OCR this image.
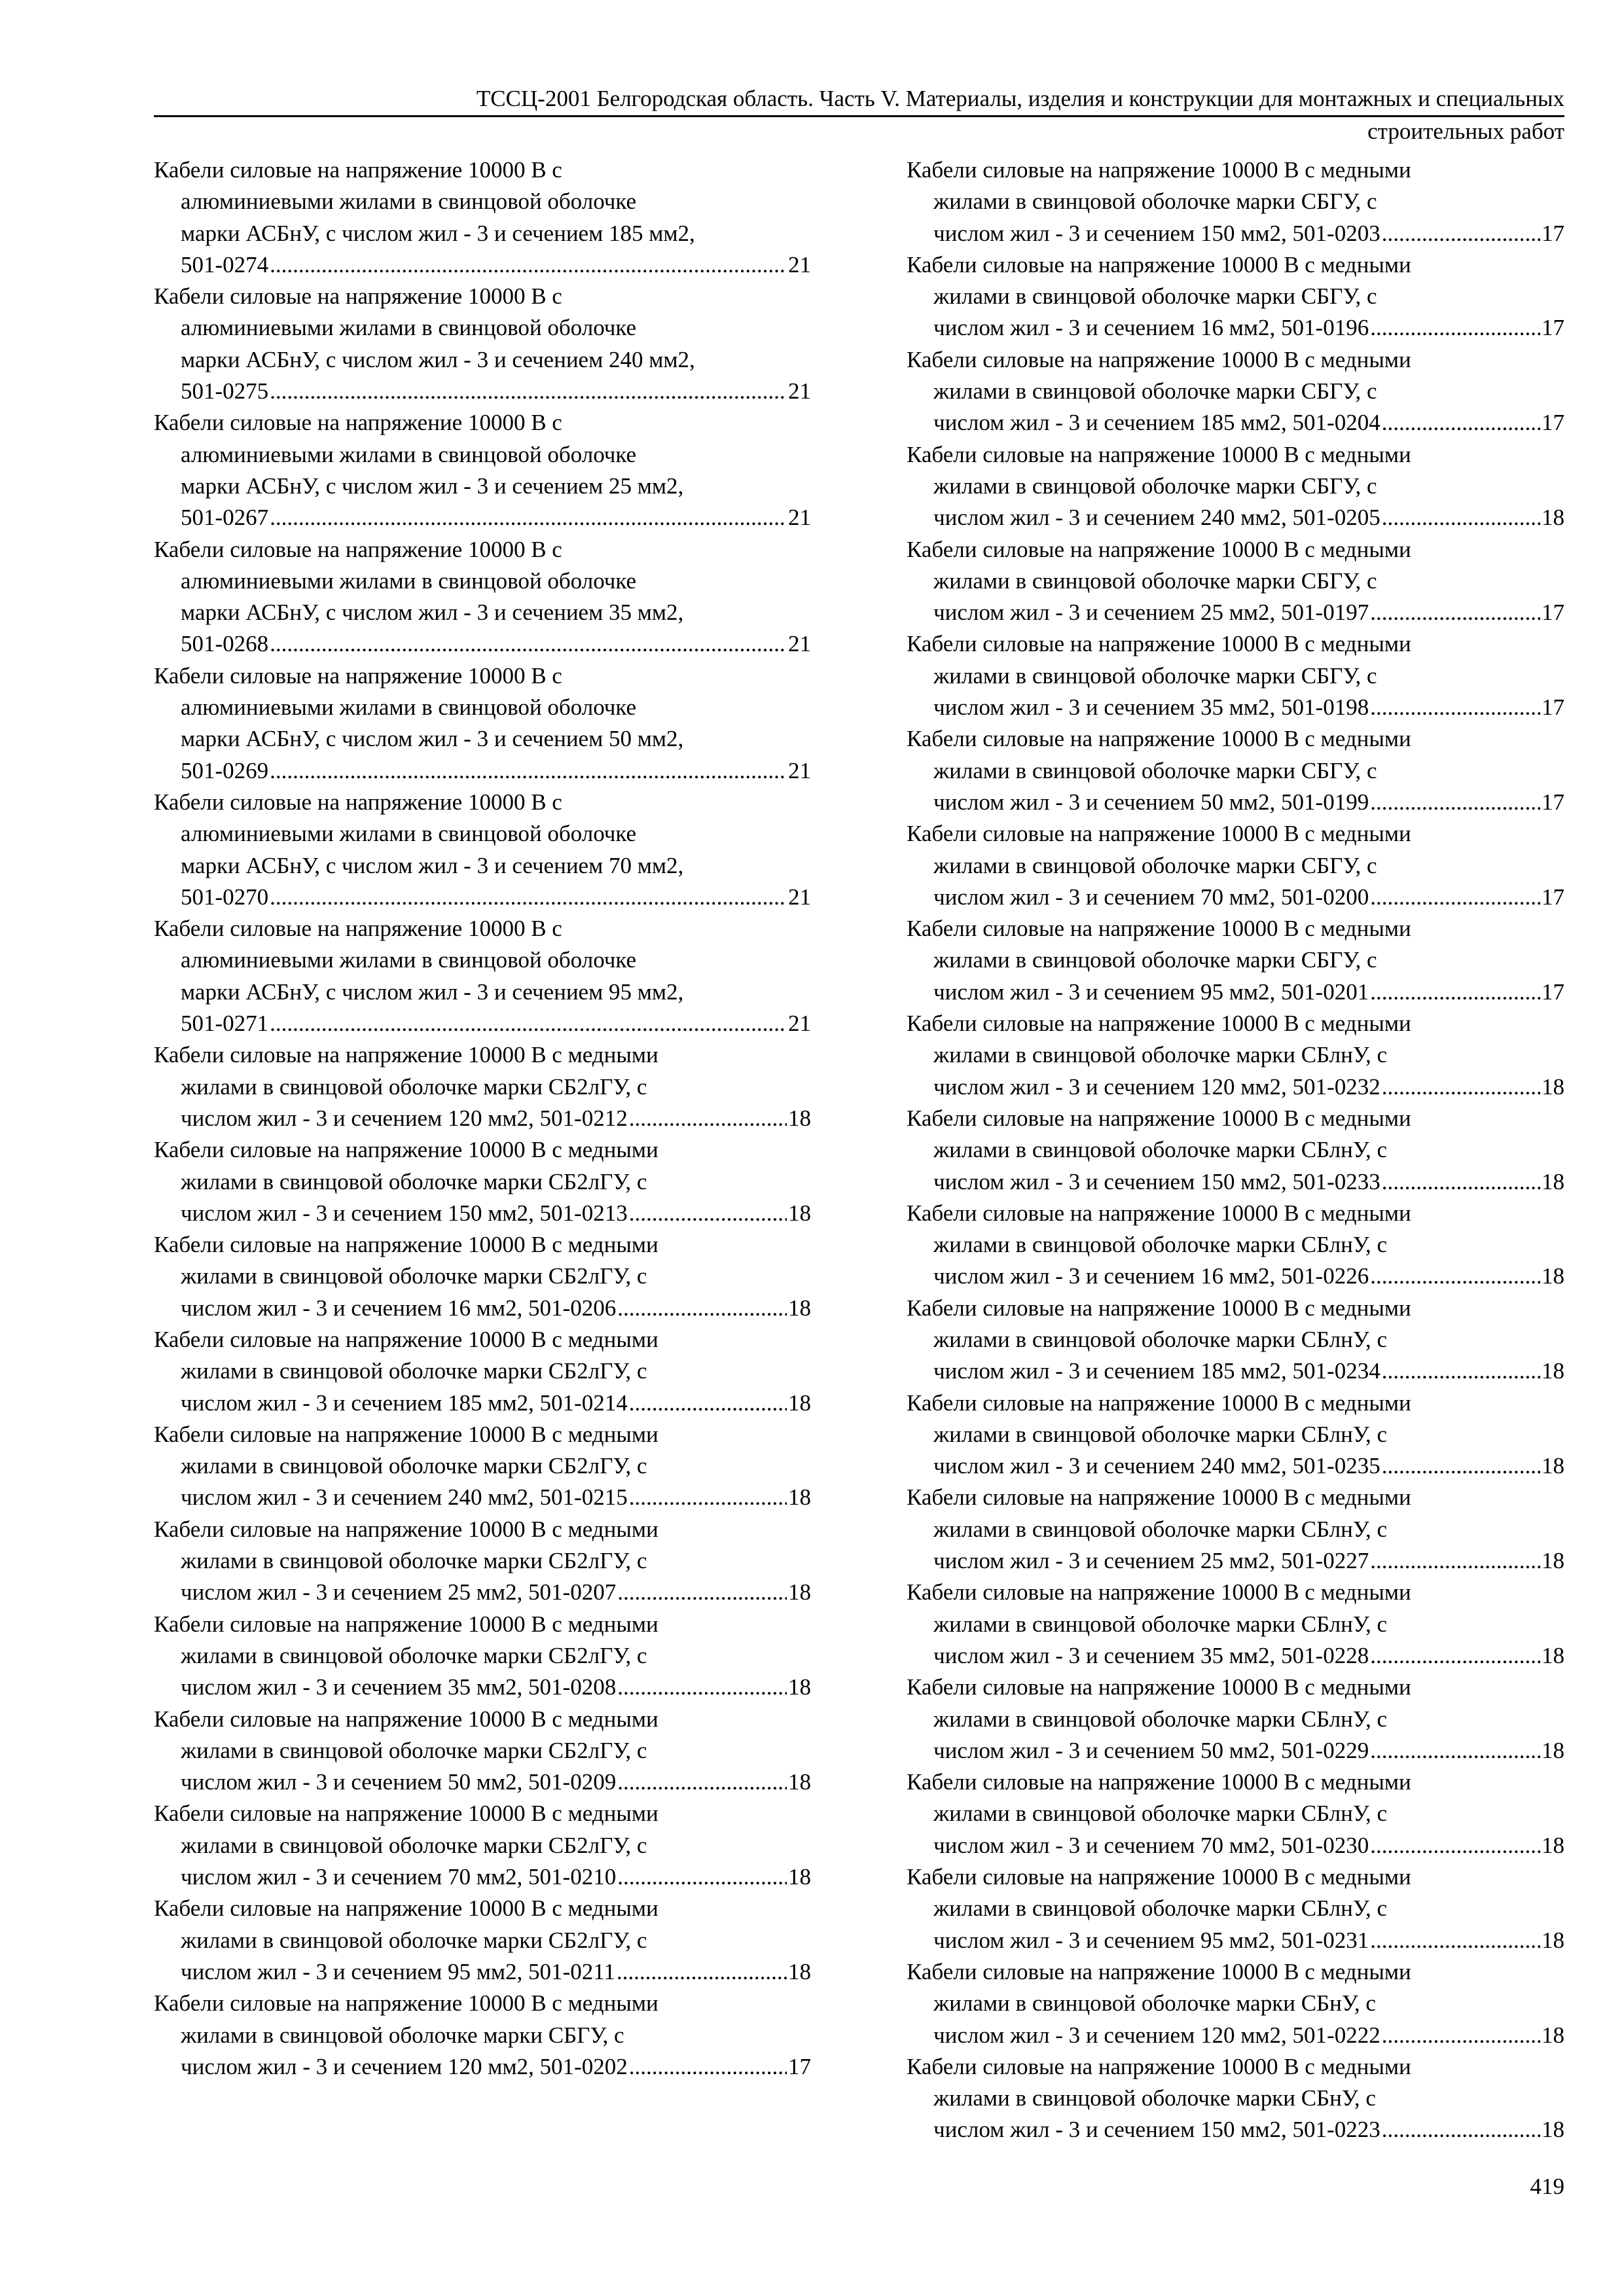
ТССЦ-2001 Белгородская область. Часть V. Материалы, изделия и конструкции для монтажных и специальных
строительных работ
Кабели силовые на напряжение 10000 В с
алюминиевыми жилами в свинцовой оболочке
марки АСБнУ, с числом жил - 3 и сечением 185 мм2,
501-0274 .....	21
Кабели силовые на напряжение 10000 В с
алюминиевыми жилами в свинцовой оболочке
марки АСБнУ, с числом жил - 3 и сечением 240 мм2,
501-0275 .....	21
Кабели силовые на напряжение 10000 В с
алюминиевыми жилами в свинцовой оболочке
марки АСБнУ, с числом жил - 3 и сечением 25 мм2,
501-0267 .....	21
Кабели силовые на напряжение 10000 В с
алюминиевыми жилами в свинцовой оболочке
марки АСБнУ, с числом жил - 3 и сечением 35 мм2,
501-0268 .....	21
Кабели силовые на напряжение 10000 В с
алюминиевыми жилами в свинцовой оболочке
марки АСБнУ, с числом жил - 3 и сечением 50 мм2,
501-0269 .....	21
Кабели силовые на напряжение 10000 В с
алюминиевыми жилами в свинцовой оболочке
марки АСБнУ, с числом жил - 3 и сечением 70 мм2,
501-0270 .....	21
Кабели силовые на напряжение 10000 В с
алюминиевыми жилами в свинцовой оболочке
марки АСБнУ, с числом жил - 3 и сечением 95 мм2,
501-0271 .....	21
Кабели силовые на напряжение 10000 В с медными
жилами в свинцовой оболочке марки СБ2лГУ, с
числом жил - 3 и сечением 120 мм2, 501-0212 .....	18
Кабели силовые на напряжение 10000 В с медными
жилами в свинцовой оболочке марки СБ2лГУ, с
числом жил - 3 и сечением 150 мм2, 501-0213 .....	18
Кабели силовые на напряжение 10000 В с медными
жилами в свинцовой оболочке марки СБ2лГУ, с
числом жил - 3 и сечением 16 мм2, 501-0206 .....	18
Кабели силовые на напряжение 10000 В с медными
жилами в свинцовой оболочке марки СБ2лГУ, с
числом жил - 3 и сечением 185 мм2, 501-0214 .....	18
Кабели силовые на напряжение 10000 В с медными
жилами в свинцовой оболочке марки СБ2лГУ, с
числом жил - 3 и сечением 240 мм2, 501-0215 .....	18
Кабели силовые на напряжение 10000 В с медными
жилами в свинцовой оболочке марки СБ2лГУ, с
числом жил - 3 и сечением 25 мм2, 501-0207 .....	18
Кабели силовые на напряжение 10000 В с медными
жилами в свинцовой оболочке марки СБ2лГУ, с
числом жил - 3 и сечением 35 мм2, 501-0208 .....	18
Кабели силовые на напряжение 10000 В с медными
жилами в свинцовой оболочке марки СБ2лГУ, с
числом жил - 3 и сечением 50 мм2, 501-0209 .....	18
Кабели силовые на напряжение 10000 В с медными
жилами в свинцовой оболочке марки СБ2лГУ, с
числом жил - 3 и сечением 70 мм2, 501-0210 .....	18
Кабели силовые на напряжение 10000 В с медными
жилами в свинцовой оболочке марки СБ2лГУ, с
числом жил - 3 и сечением 95 мм2, 501-0211 .....	18
Кабели силовые на напряжение 10000 В с медными
жилами в свинцовой оболочке марки СБГУ, с
числом жил - 3 и сечением 120 мм2, 501-0202 .....	17
Кабели силовые на напряжение 10000 В с медными
жилами в свинцовой оболочке марки СБГУ, с
числом жил - 3 и сечением 150 мм2, 501-0203 .....	17
Кабели силовые на напряжение 10000 В с медными
жилами в свинцовой оболочке марки СБГУ, с
числом жил - 3 и сечением 16 мм2, 501-0196 .....	17
Кабели силовые на напряжение 10000 В с медными
жилами в свинцовой оболочке марки СБГУ, с
числом жил - 3 и сечением 185 мм2, 501-0204 .....	17
Кабели силовые на напряжение 10000 В с медными
жилами в свинцовой оболочке марки СБГУ, с
числом жил - 3 и сечением 240 мм2, 501-0205 .....	18
Кабели силовые на напряжение 10000 В с медными
жилами в свинцовой оболочке марки СБГУ, с
числом жил - 3 и сечением 25 мм2, 501-0197 .....	17
Кабели силовые на напряжение 10000 В с медными
жилами в свинцовой оболочке марки СБГУ, с
числом жил - 3 и сечением 35 мм2, 501-0198 .....	17
Кабели силовые на напряжение 10000 В с медными
жилами в свинцовой оболочке марки СБГУ, с
числом жил - 3 и сечением 50 мм2, 501-0199 .....	17
Кабели силовые на напряжение 10000 В с медными
жилами в свинцовой оболочке марки СБГУ, с
числом жил - 3 и сечением 70 мм2, 501-0200 .....	17
Кабели силовые на напряжение 10000 В с медными
жилами в свинцовой оболочке марки СБГУ, с
числом жил - 3 и сечением 95 мм2, 501-0201 .....	17
Кабели силовые на напряжение 10000 В с медными
жилами в свинцовой оболочке марки СБлнУ, с
числом жил - 3 и сечением 120 мм2, 501-0232 .....	18
Кабели силовые на напряжение 10000 В с медными
жилами в свинцовой оболочке марки СБлнУ, с
числом жил - 3 и сечением 150 мм2, 501-0233 .....	18
Кабели силовые на напряжение 10000 В с медными
жилами в свинцовой оболочке марки СБлнУ, с
числом жил - 3 и сечением 16 мм2, 501-0226 .....	18
Кабели силовые на напряжение 10000 В с медными
жилами в свинцовой оболочке марки СБлнУ, с
числом жил - 3 и сечением 185 мм2, 501-0234 .....	18
Кабели силовые на напряжение 10000 В с медными
жилами в свинцовой оболочке марки СБлнУ, с
числом жил - 3 и сечением 240 мм2, 501-0235 .....	18
Кабели силовые на напряжение 10000 В с медными
жилами в свинцовой оболочке марки СБлнУ, с
числом жил - 3 и сечением 25 мм2, 501-0227 .....	18
Кабели силовые на напряжение 10000 В с медными
жилами в свинцовой оболочке марки СБлнУ, с
числом жил - 3 и сечением 35 мм2, 501-0228 .....	18
Кабели силовые на напряжение 10000 В с медными
жилами в свинцовой оболочке марки СБлнУ, с
числом жил - 3 и сечением 50 мм2, 501-0229 .....	18
Кабели силовые на напряжение 10000 В с медными
жилами в свинцовой оболочке марки СБлнУ, с
числом жил - 3 и сечением 70 мм2, 501-0230 .....	18
Кабели силовые на напряжение 10000 В с медными
жилами в свинцовой оболочке марки СБлнУ, с
числом жил - 3 и сечением 95 мм2, 501-0231 .....	18
Кабели силовые на напряжение 10000 В с медными
жилами в свинцовой оболочке марки СБнУ, с
числом жил - 3 и сечением 120 мм2, 501-0222 .....	18
Кабели силовые на напряжение 10000 В с медными
жилами в свинцовой оболочке марки СБнУ, с
числом жил - 3 и сечением 150 мм2, 501-0223 .....	18
419
